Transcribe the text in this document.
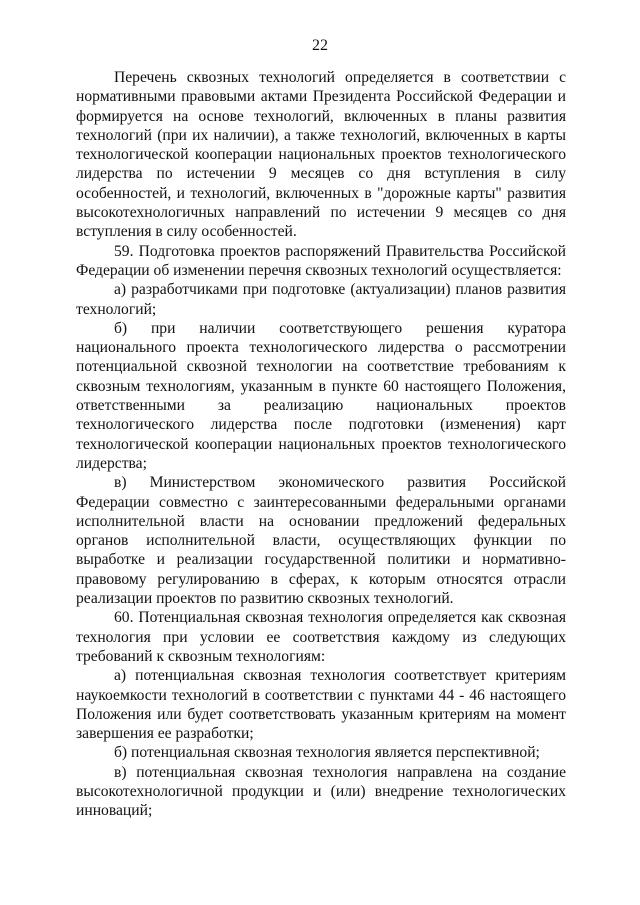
22

Перечень сквозных технологий определяется в соответствии с нормативными правовыми актами Президента Российской Федерации и формируется на основе технологий, включенных в планы развития технологий (при их наличии), а также технологий, включенных в карты технологической кооперации национальных проектов технологического лидерства по истечении 9 месяцев со дня вступления в силу особенностей, и технологий, включенных в "дорожные карты" развития высокотехнологичных направлений по истечении 9 месяцев со дня вступления в силу особенностей.

59. Подготовка проектов распоряжений Правительства Российской Федерации об изменении перечня сквозных технологий осуществляется:

а) разработчиками при подготовке (актуализации) планов развития технологий;

б) при наличии соответствующего решения куратора национального проекта технологического лидерства о рассмотрении потенциальной сквозной технологии на соответствие требованиям к сквозным технологиям, указанным в пункте 60 настоящего Положения, ответственными за реализацию национальных проектов технологического лидерства после подготовки (изменения) карт технологической кооперации национальных проектов технологического лидерства;

в) Министерством экономического развития Российской Федерации совместно с заинтересованными федеральными органами исполнительной власти на основании предложений федеральных органов исполнительной власти, осуществляющих функции по выработке и реализации государственной политики и нормативно-правовому регулированию в сферах, к которым относятся отрасли реализации проектов по развитию сквозных технологий.

60. Потенциальная сквозная технология определяется как сквозная технология при условии ее соответствия каждому из следующих требований к сквозным технологиям:

а) потенциальная сквозная технология соответствует критериям наукоемкости технологий в соответствии с пунктами 44 - 46 настоящего Положения или будет соответствовать указанным критериям на момент завершения ее разработки;

б) потенциальная сквозная технология является перспективной;

в) потенциальная сквозная технология направлена на создание высокотехнологичной продукции и (или) внедрение технологических инноваций;
